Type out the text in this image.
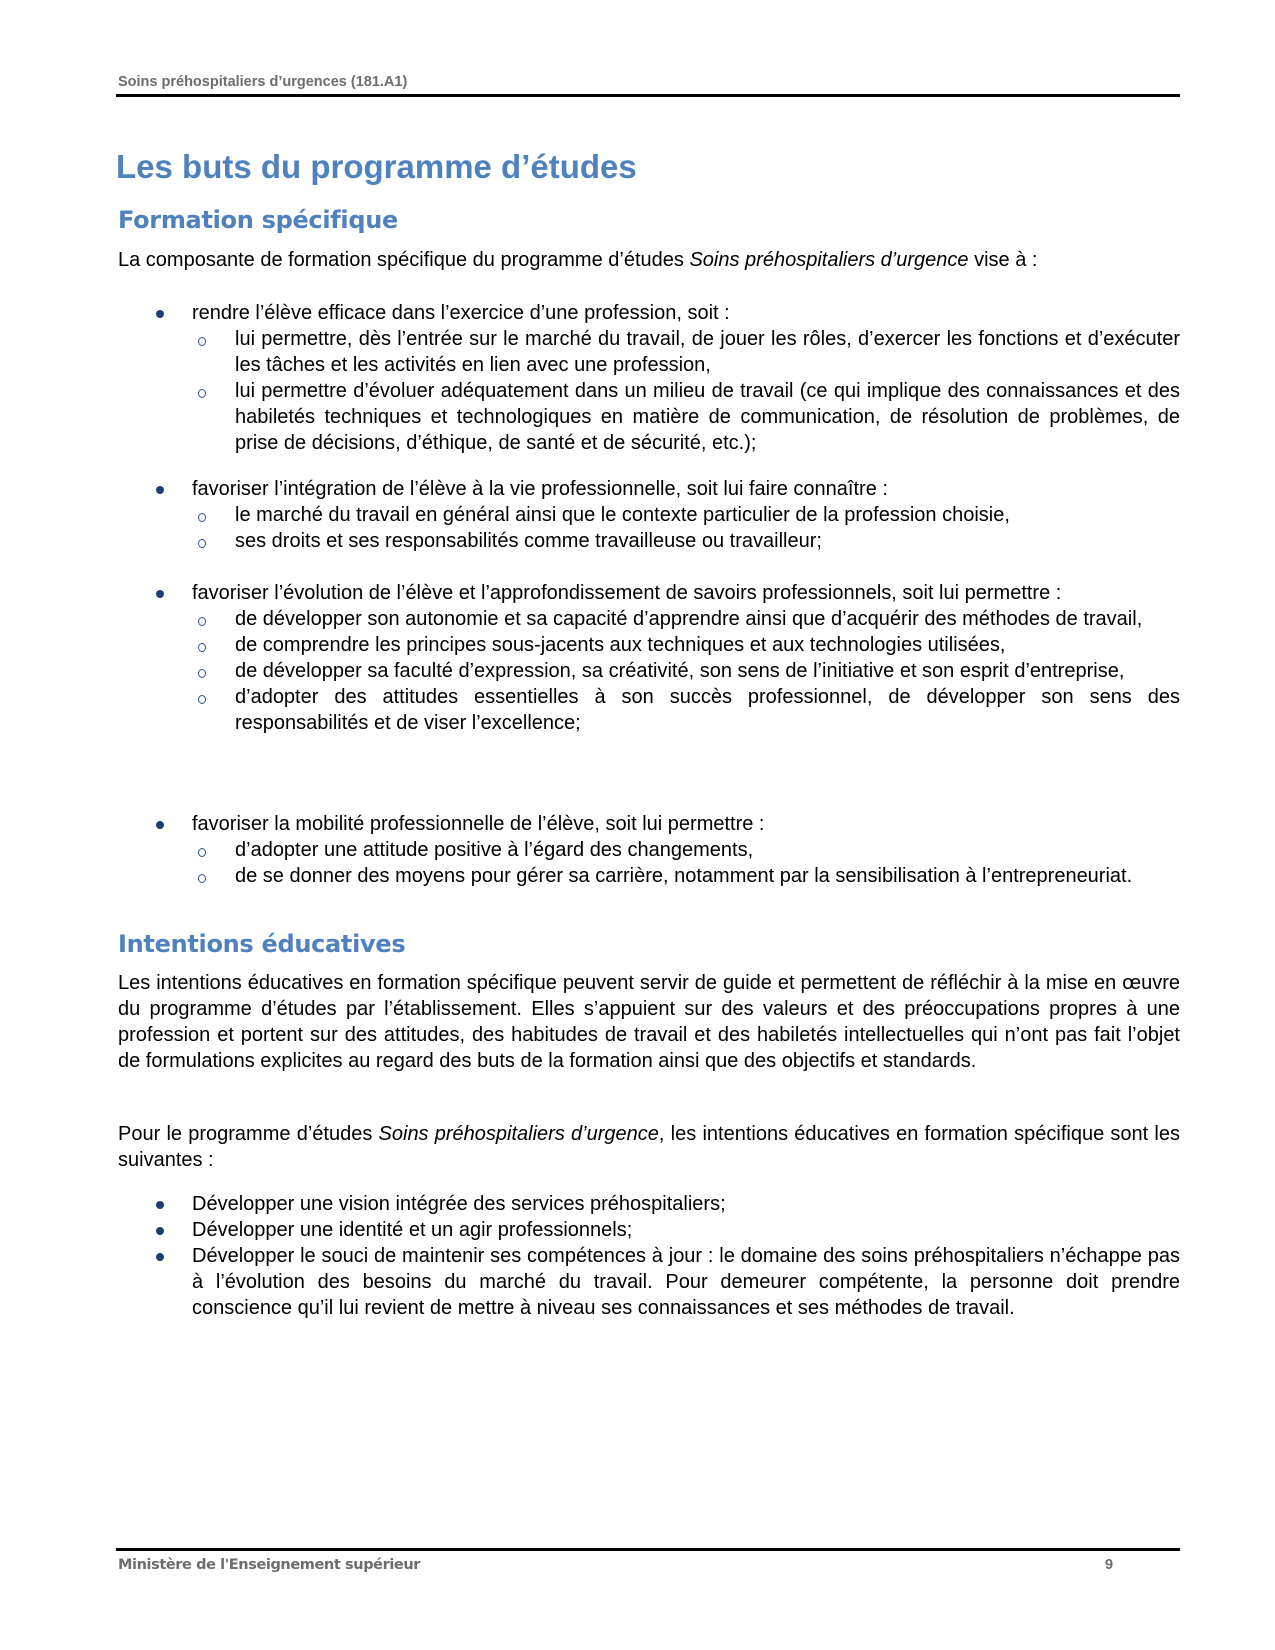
Soins préhospitaliers d’urgences (181.A1)
Les buts du programme d’études
Formation spécifique

La composante de formation spécifique du programme d’études Soins préhospitaliers d’urgence vise à :

rendre l’élève efficace dans l’exercice d’une profession, soit :
lui permettre, dès l’entrée sur le marché du travail, de jouer les rôles, d’exercer les fonctions et d’exécuter les tâches et les activités en lien avec une profession,
lui permettre d’évoluer adéquatement dans un milieu de travail (ce qui implique des connaissances et des habiletés techniques et technologiques en matière de communication, de résolution de problèmes, de prise de décisions, d’éthique, de santé et de sécurité, etc.);
favoriser l’intégration de l’élève à la vie professionnelle, soit lui faire connaître :
le marché du travail en général ainsi que le contexte particulier de la profession choisie,
ses droits et ses responsabilités comme travailleuse ou travailleur;
favoriser l’évolution de l’élève et l’approfondissement de savoirs professionnels, soit lui permettre :
de développer son autonomie et sa capacité d’apprendre ainsi que d’acquérir des méthodes de travail,
de comprendre les principes sous-jacents aux techniques et aux technologies utilisées,
de développer sa faculté d’expression, sa créativité, son sens de l’initiative et son esprit d’entreprise,
d’adopter des attitudes essentielles à son succès professionnel, de développer son sens des responsabilités et de viser l’excellence;
favoriser la mobilité professionnelle de l’élève, soit lui permettre :
d’adopter une attitude positive à l’égard des changements,
de se donner des moyens pour gérer sa carrière, notamment par la sensibilisation à l’entrepreneuriat.
Intentions éducatives

Les intentions éducatives en formation spécifique peuvent servir de guide et permettent de réfléchir à la mise en œuvre du programme d’études par l’établissement. Elles s’appuient sur des valeurs et des préoccupations propres à une profession et portent sur des attitudes, des habitudes de travail et des habiletés intellectuelles qui n’ont pas fait l’objet de formulations explicites au regard des buts de la formation ainsi que des objectifs et standards.

Pour le programme d’études Soins préhospitaliers d’urgence, les intentions éducatives en formation spécifique sont les suivantes :

Développer une vision intégrée des services préhospitaliers;
Développer une identité et un agir professionnels;
Développer le souci de maintenir ses compétences à jour : le domaine des soins préhospitaliers n’échappe pas à l’évolution des besoins du marché du travail. Pour demeurer compétente, la personne doit prendre conscience qu’il lui revient de mettre à niveau ses connaissances et ses méthodes de travail.
Ministère de l'Enseignement supérieur	9
